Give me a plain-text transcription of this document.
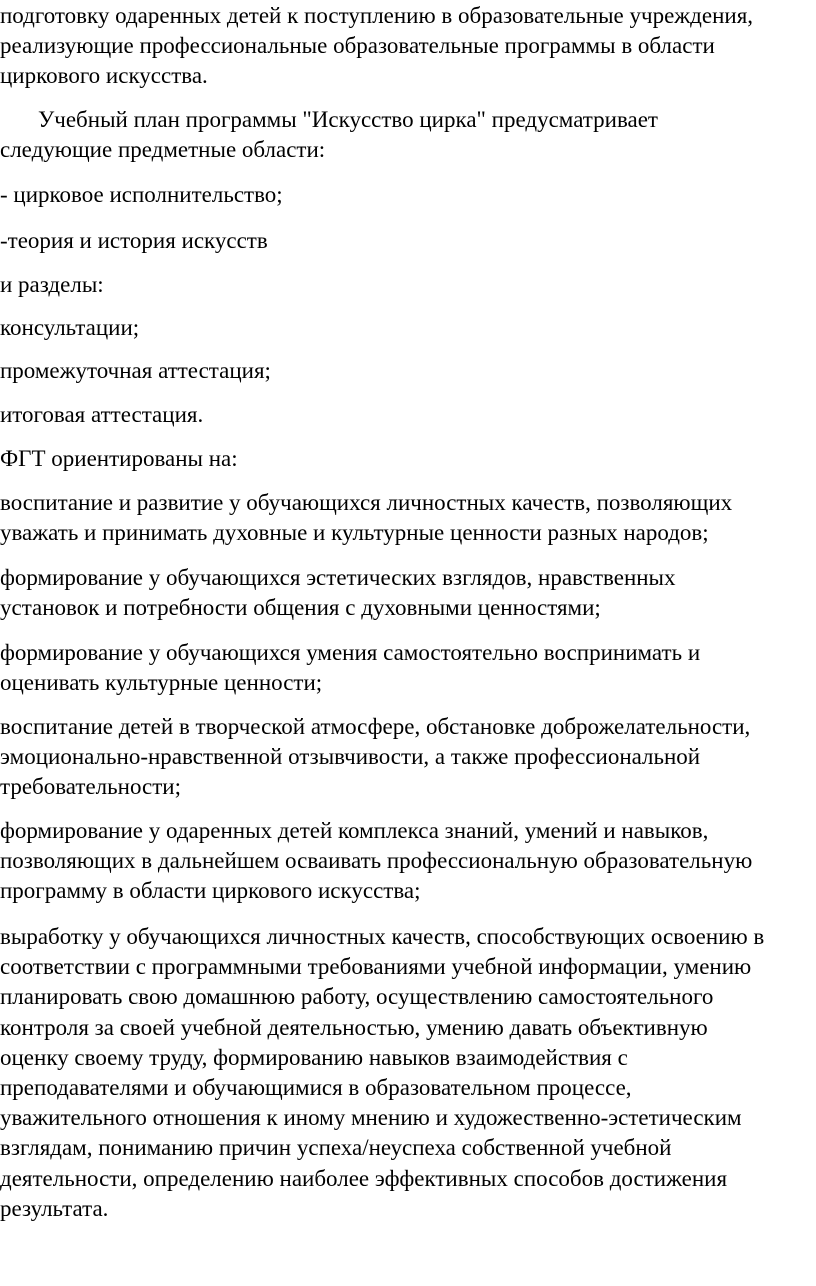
подготовку одаренных детей к поступлению в образовательные учреждения,
реализующие профессиональные образовательные программы в области
циркового искусства.

Учебный план программы "Искусство цирка" предусматривает
следующие предметные области:

- цирковое исполнительство;

-теория и история искусств

и разделы:

консультации;

промежуточная аттестация;

итоговая аттестация.

ФГТ ориентированы на:

воспитание и развитие у обучающихся личностных качеств, позволяющих
уважать и принимать духовные и культурные ценности разных народов;

формирование у обучающихся эстетических взглядов, нравственных
установок и потребности общения с духовными ценностями;

формирование у обучающихся умения самостоятельно воспринимать и
оценивать культурные ценности;

воспитание детей в творческой атмосфере, обстановке доброжелательности,
эмоционально-нравственной отзывчивости, а также профессиональной
требовательности;

формирование у одаренных детей комплекса знаний, умений и навыков,
позволяющих в дальнейшем осваивать профессиональную образовательную
программу в области циркового искусства;

выработку у обучающихся личностных качеств, способствующих освоению в
соответствии с программными требованиями учебной информации, умению
планировать свою домашнюю работу, осуществлению самостоятельного
контроля за своей учебной деятельностью, умению давать объективную
оценку своему труду, формированию навыков взаимодействия с
преподавателями и обучающимися в образовательном процессе,
уважительного отношения к иному мнению и художественно-эстетическим
взглядам, пониманию причин успеха/неуспеха собственной учебной
деятельности, определению наиболее эффективных способов достижения
результата.
